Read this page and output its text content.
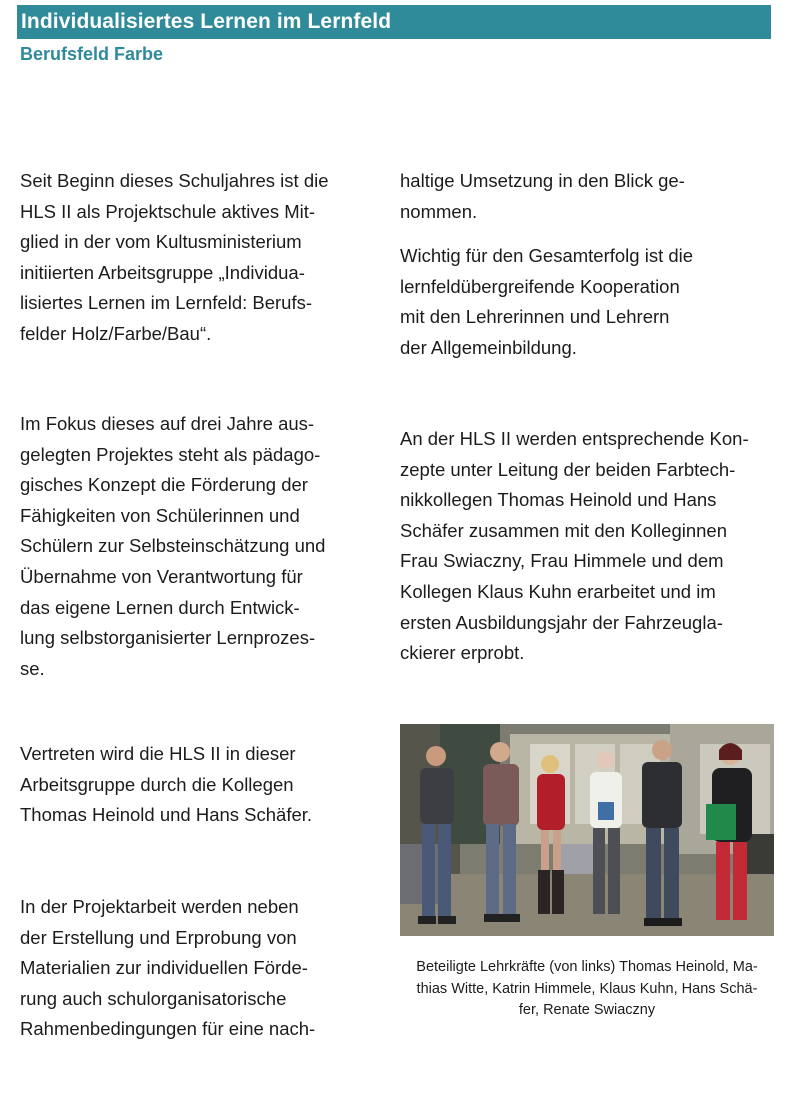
Individualisiertes Lernen im Lernfeld
Berufsfeld Farbe

Seit Beginn dieses Schuljahres ist die
HLS II als Projektschule aktives Mit-
glied in der vom Kultusministerium
initiierten Arbeitsgruppe „Individua-
lisiertes Lernen im Lernfeld: Berufs-
felder Holz/Farbe/Bau“.

Im Fokus dieses auf drei Jahre aus-
gelegten Projektes steht als pädago-
gisches Konzept die Förderung der
Fähigkeiten von Schülerinnen und
Schülern zur Selbsteinschätzung und
Übernahme von Verantwortung für
das eigene Lernen durch Entwick-
lung selbstorganisierter Lernprozes-
se.

Vertreten wird die HLS II in dieser
Arbeitsgruppe durch die Kollegen
Thomas Heinold und Hans Schäfer.

In der Projektarbeit werden neben
der Erstellung und Erprobung von
Materialien zur individuellen Förde-
rung auch schulorganisatorische
Rahmenbedingungen für eine nach-

haltige Umsetzung in den Blick ge-
nommen.

Wichtig für den Gesamterfolg ist die
lernfeldübergreifende Kooperation
mit den Lehrerinnen und Lehrern
der Allgemeinbildung.

An der HLS II werden entsprechende Kon-
zepte unter Leitung der beiden Farbtech-
nikkollegen Thomas Heinold und Hans
Schäfer zusammen mit den Kolleginnen
Frau Swiaczny, Frau Himmele und dem
Kollegen Klaus Kuhn erarbeitet und im
ersten Ausbildungsjahr der Fahrzeugla-
ckierer erprobt.

Beteiligte Lehrkräfte (von links) Thomas Heinold, Ma-
thias Witte, Katrin Himmele, Klaus Kuhn, Hans Schä-
fer, Renate Swiaczny
